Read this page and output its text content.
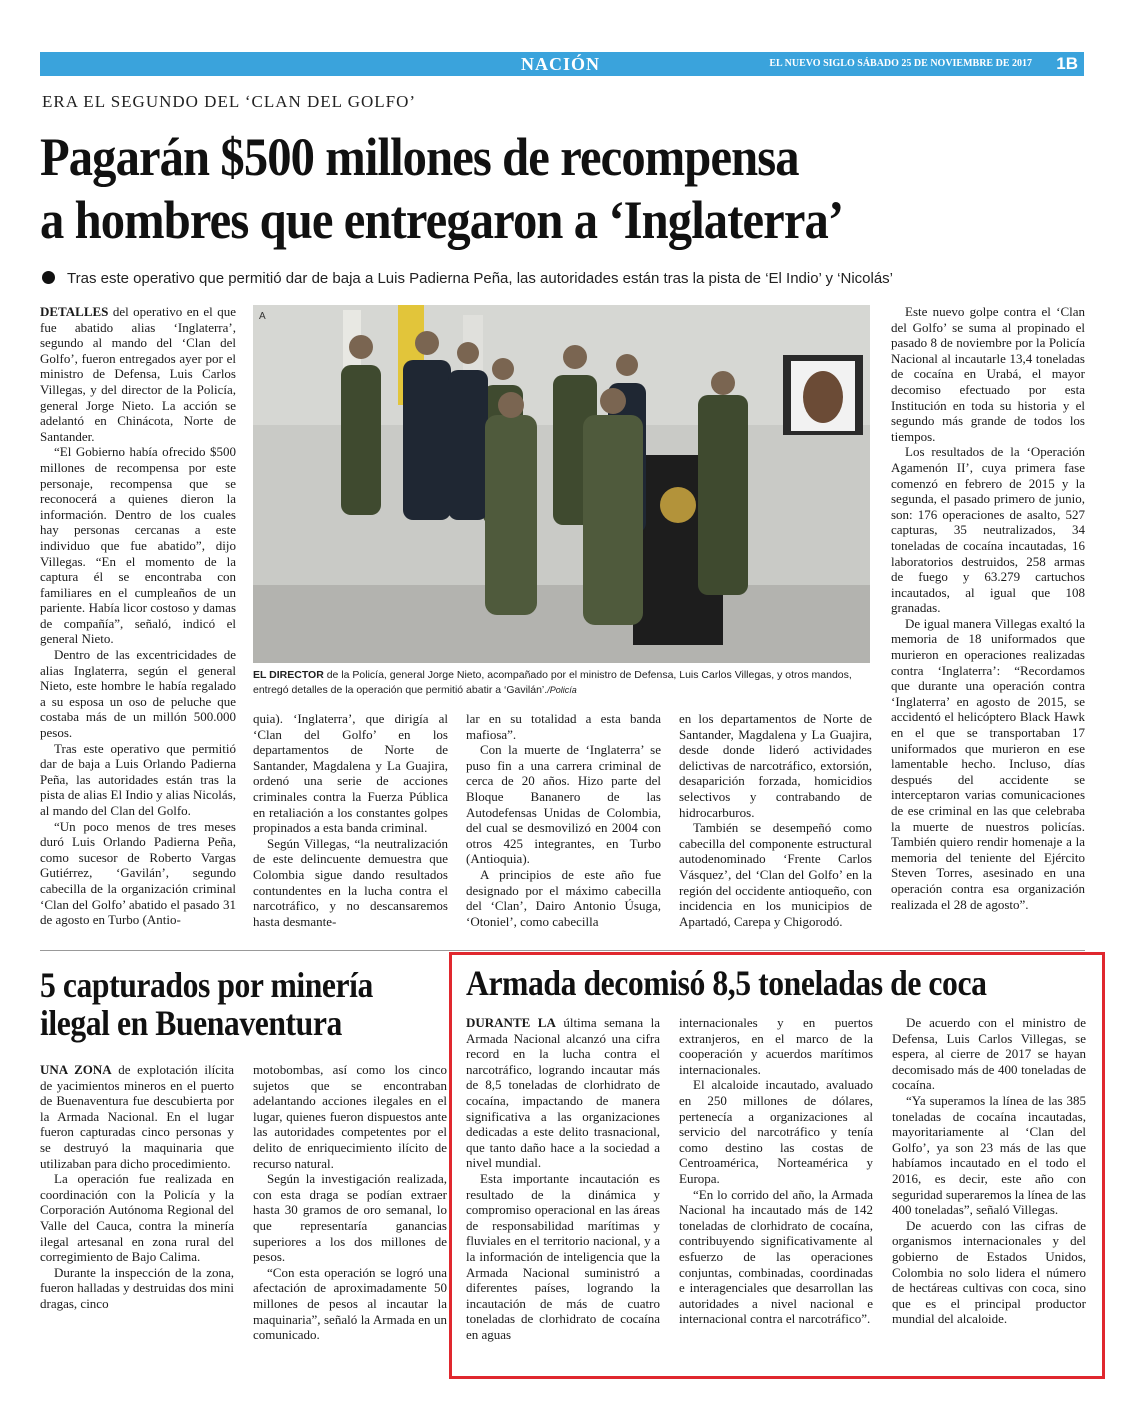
NACIÓN	EL NUEVO SIGLO SÁBADO 25 DE NOVIEMBRE DE 2017 1B
ERA EL SEGUNDO DEL ‘CLAN DEL GOLFO’
Pagarán $500 millones de recompensa
a hombres que entregaron a ‘Inglaterra’
Tras este operativo que permitió dar de baja a Luis Padierna Peña, las autoridades están tras la pista de ‘El Indio’ y ‘Nicolás’

DETALLES del operativo en el que fue abatido alias ‘Inglaterra’, segundo al mando del ‘Clan del Golfo’, fueron entregados ayer por el ministro de Defensa, Luis Carlos Villegas, y del director de la Policía, general Jorge Nieto. La acción se adelantó en Chinácota, Norte de Santander.

“El Gobierno había ofrecido $500 millones de recompensa por este personaje, recompensa que se reconocerá a quienes dieron la información. Dentro de los cuales hay personas cercanas a este individuo que fue abatido”, dijo Villegas. “En el momento de la captura él se encontraba con familiares en el cumpleaños de un pariente. Había licor costoso y damas de compañía”, señaló, indicó el general Nieto.

Dentro de las excentricidades de alias Inglaterra, según el general Nieto, este hombre le había regalado a su esposa un oso de peluche que costaba más de un millón 500.000 pesos.

Tras este operativo que permitió dar de baja a Luis Orlando Padierna Peña, las autoridades están tras la pista de alias El Indio y alias Nicolás, al mando del Clan del Golfo.

“Un poco menos de tres meses duró Luis Orlando Padierna Peña, como sucesor de Roberto Vargas Gutiérrez, ‘Gavilán’, segundo cabecilla de la organización criminal ‘Clan del Golfo’ abatido el pasado 31 de agosto en Turbo (Antio-

A
EL DIRECTOR de la Policía, general Jorge Nieto, acompañado por el ministro de Defensa, Luis Carlos Villegas, y otros mandos, entregó detalles de la operación que permitió abatir a ‘Gavilán’./Policía

quia). ‘Inglaterra’, que dirigía al ‘Clan del Golfo’ en los departamentos de Norte de Santander, Magdalena y La Guajira, ordenó una serie de acciones criminales contra la Fuerza Pública en retaliación a los constantes golpes propinados a esta banda criminal.

Según Villegas, “la neutralización de este delincuente demuestra que Colombia sigue dando resultados contundentes en la lucha contra el narcotráfico, y no descansaremos hasta desmante-

lar en su totalidad a esta banda mafiosa”.

Con la muerte de ‘Inglaterra’ se puso fin a una carrera criminal de cerca de 20 años. Hizo parte del Bloque Bananero de las Autodefensas Unidas de Colombia, del cual se desmovilizó en 2004 con otros 425 integrantes, en Turbo (Antioquia).

A principios de este año fue designado por el máximo cabecilla del ‘Clan’, Dairo Antonio Úsuga, ‘Otoniel’, como cabecilla

en los departamentos de Norte de Santander, Magdalena y La Guajira, desde donde lideró actividades delictivas de narcotráfico, extorsión, desaparición forzada, homicidios selectivos y contrabando de hidrocarburos.

También se desempeñó como cabecilla del componente estructural autodenominado ‘Frente Carlos Vásquez’, del ‘Clan del Golfo’ en la región del occidente antioqueño, con incidencia en los municipios de Apartadó, Carepa y Chigorodó.

Este nuevo golpe contra el ‘Clan del Golfo’ se suma al propinado el pasado 8 de noviembre por la Policía Nacional al incautarle 13,4 toneladas de cocaína en Urabá, el mayor decomiso efectuado por esta Institución en toda su historia y el segundo más grande de todos los tiempos.

Los resultados de la ‘Operación Agamenón II’, cuya primera fase comenzó en febrero de 2015 y la segunda, el pasado primero de junio, son: 176 operaciones de asalto, 527 capturas, 35 neutralizados, 34 toneladas de cocaína incautadas, 16 laboratorios destruidos, 258 armas de fuego y 63.279 cartuchos incautados, al igual que 108 granadas.

De igual manera Villegas exaltó la memoria de 18 uniformados que murieron en operaciones realizadas contra ‘Inglaterra’: “Recordamos que durante una operación contra ‘Inglaterra’ en agosto de 2015, se accidentó el helicóptero Black Hawk en el que se transportaban 17 uniformados que murieron en ese lamentable hecho. Incluso, días después del accidente se interceptaron varias comunicaciones de ese criminal en las que celebraba la muerte de nuestros policías. También quiero rendir homenaje a la memoria del teniente del Ejército Steven Torres, asesinado en una operación contra esa organización realizada el 28 de agosto”.

5 capturados por minería
ilegal en Buenaventura

UNA ZONA de explotación ilícita de yacimientos mineros en el puerto de Buenaventura fue descubierta por la Armada Nacional. En el lugar fueron capturadas cinco personas y se destruyó la maquinaria que utilizaban para dicho procedimiento.

La operación fue realizada en coordinación con la Policía y la Corporación Autónoma Regional del Valle del Cauca, contra la minería ilegal artesanal en zona rural del corregimiento de Bajo Calima.

Durante la inspección de la zona, fueron halladas y destruidas dos mini dragas, cinco

motobombas, así como los cinco sujetos que se encontraban adelantando acciones ilegales en el lugar, quienes fueron dispuestos ante las autoridades competentes por el delito de enriquecimiento ilícito de recurso natural.

Según la investigación realizada, con esta draga se podían extraer hasta 30 gramos de oro semanal, lo que representaría ganancias superiores a los dos millones de pesos.

“Con esta operación se logró una afectación de aproximadamente 50 millones de pesos al incautar la maquinaria”, señaló la Armada en un comunicado.

Armada decomisó 8,5 toneladas de coca

DURANTE LA última semana la Armada Nacional alcanzó una cifra record en la lucha contra el narcotráfico, logrando incautar más de 8,5 toneladas de clorhidrato de cocaína, impactando de manera significativa a las organizaciones dedicadas a este delito trasnacional, que tanto daño hace a la sociedad a nivel mundial.

Esta importante incautación es resultado de la dinámica y compromiso operacional en las áreas de responsabilidad marítimas y fluviales en el territorio nacional, y a la información de inteligencia que la Armada Nacional suministró a diferentes países, logrando la incautación de más de cuatro toneladas de clorhidrato de cocaína en aguas

internacionales y en puertos extranjeros, en el marco de la cooperación y acuerdos marítimos internacionales.

El alcaloide incautado, avaluado en 250 millones de dólares, pertenecía a organizaciones al servicio del narcotráfico y tenía como destino las costas de Centroamérica, Norteamérica y Europa.

“En lo corrido del año, la Armada Nacional ha incautado más de 142 toneladas de clorhidrato de cocaína, contribuyendo significativamente al esfuerzo de las operaciones conjuntas, combinadas, coordinadas e interagenciales que desarrollan las autoridades a nivel nacional e internacional contra el narcotráfico”.

De acuerdo con el ministro de Defensa, Luis Carlos Villegas, se espera, al cierre de 2017 se hayan decomisado más de 400 toneladas de cocaína.

“Ya superamos la línea de las 385 toneladas de cocaína incautadas, mayoritariamente al ‘Clan del Golfo’, ya son 23 más de las que habíamos incautado en el todo el 2016, es decir, este año con seguridad superaremos la línea de las 400 toneladas”, señaló Villegas.

De acuerdo con las cifras de organismos internacionales y del gobierno de Estados Unidos, Colombia no solo lidera el número de hectáreas cultivas con coca, sino que es el principal productor mundial del alcaloide.
